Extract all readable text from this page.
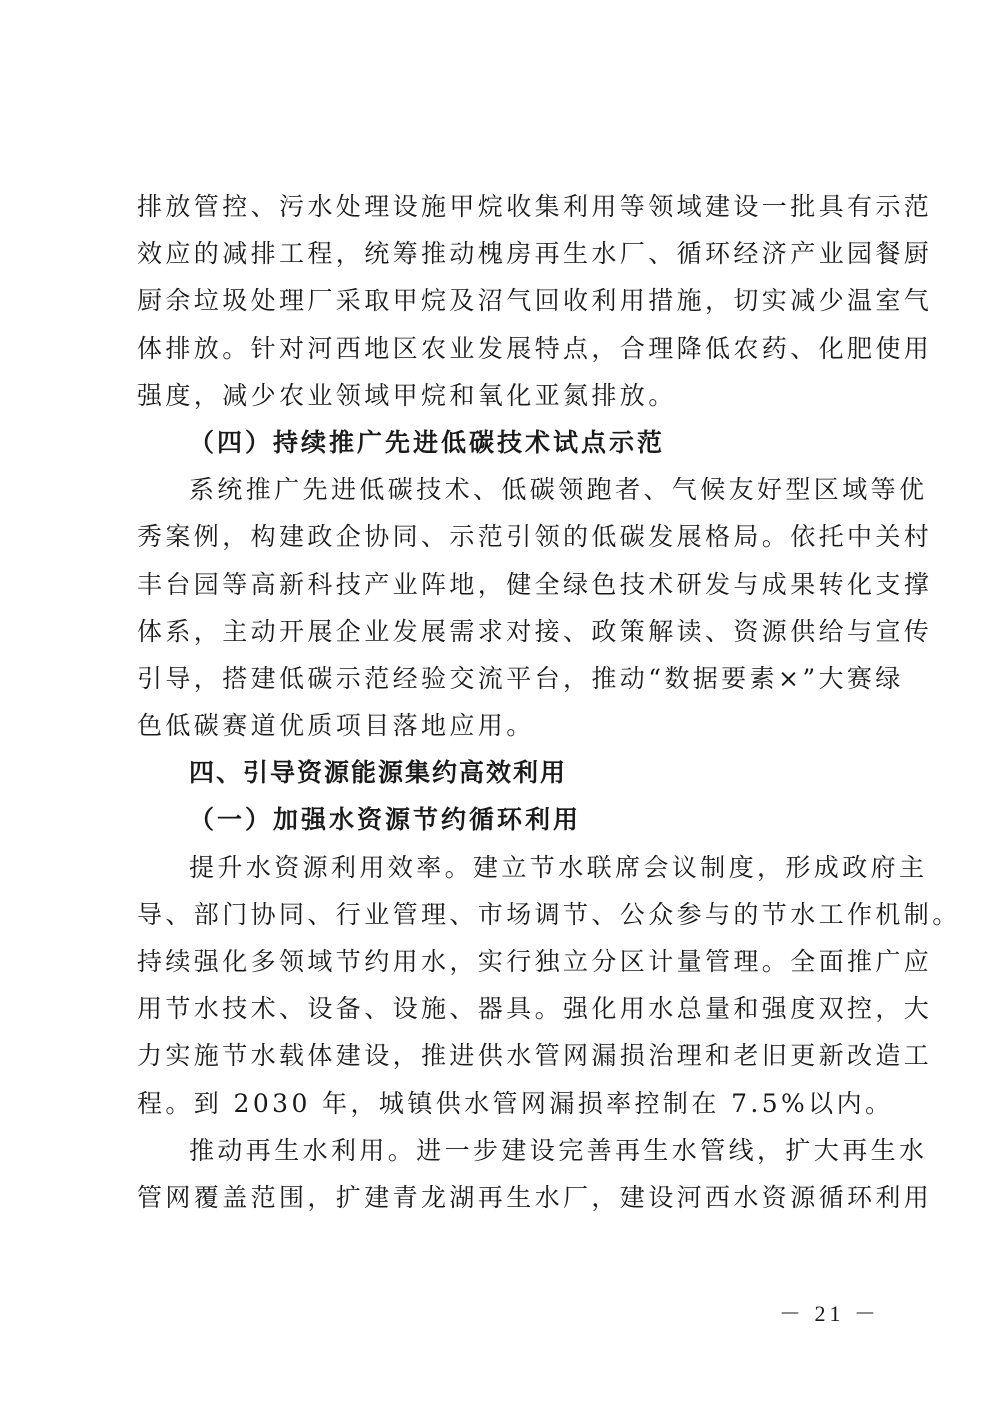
排放管控、污水处理设施甲烷收集利用等领域建设一批具有示范
效应的减排工程，统筹推动槐房再生水厂、循环经济产业园餐厨
厨余垃圾处理厂采取甲烷及沼气回收利用措施，切实减少温室气
体排放。针对河西地区农业发展特点，合理降低农药、化肥使用
强度，减少农业领域甲烷和氧化亚氮排放。
（四）持续推广先进低碳技术试点示范
系统推广先进低碳技术、低碳领跑者、气候友好型区域等优
秀案例，构建政企协同、示范引领的低碳发展格局。依托中关村
丰台园等高新科技产业阵地，健全绿色技术研发与成果转化支撑
体系，主动开展企业发展需求对接、政策解读、资源供给与宣传
引导，搭建低碳示范经验交流平台，推动“数据要素×”大赛绿
色低碳赛道优质项目落地应用。
四、引导资源能源集约高效利用
（一）加强水资源节约循环利用
提升水资源利用效率。建立节水联席会议制度，形成政府主
导、部门协同、行业管理、市场调节、公众参与的节水工作机制。
持续强化多领域节约用水，实行独立分区计量管理。全面推广应
用节水技术、设备、设施、器具。强化用水总量和强度双控，大
力实施节水载体建设，推进供水管网漏损治理和老旧更新改造工
程。到 2030 年，城镇供水管网漏损率控制在 7.5%以内。
推动再生水利用。进一步建设完善再生水管线，扩大再生水
管网覆盖范围，扩建青龙湖再生水厂，建设河西水资源循环利用
－ 21 －
